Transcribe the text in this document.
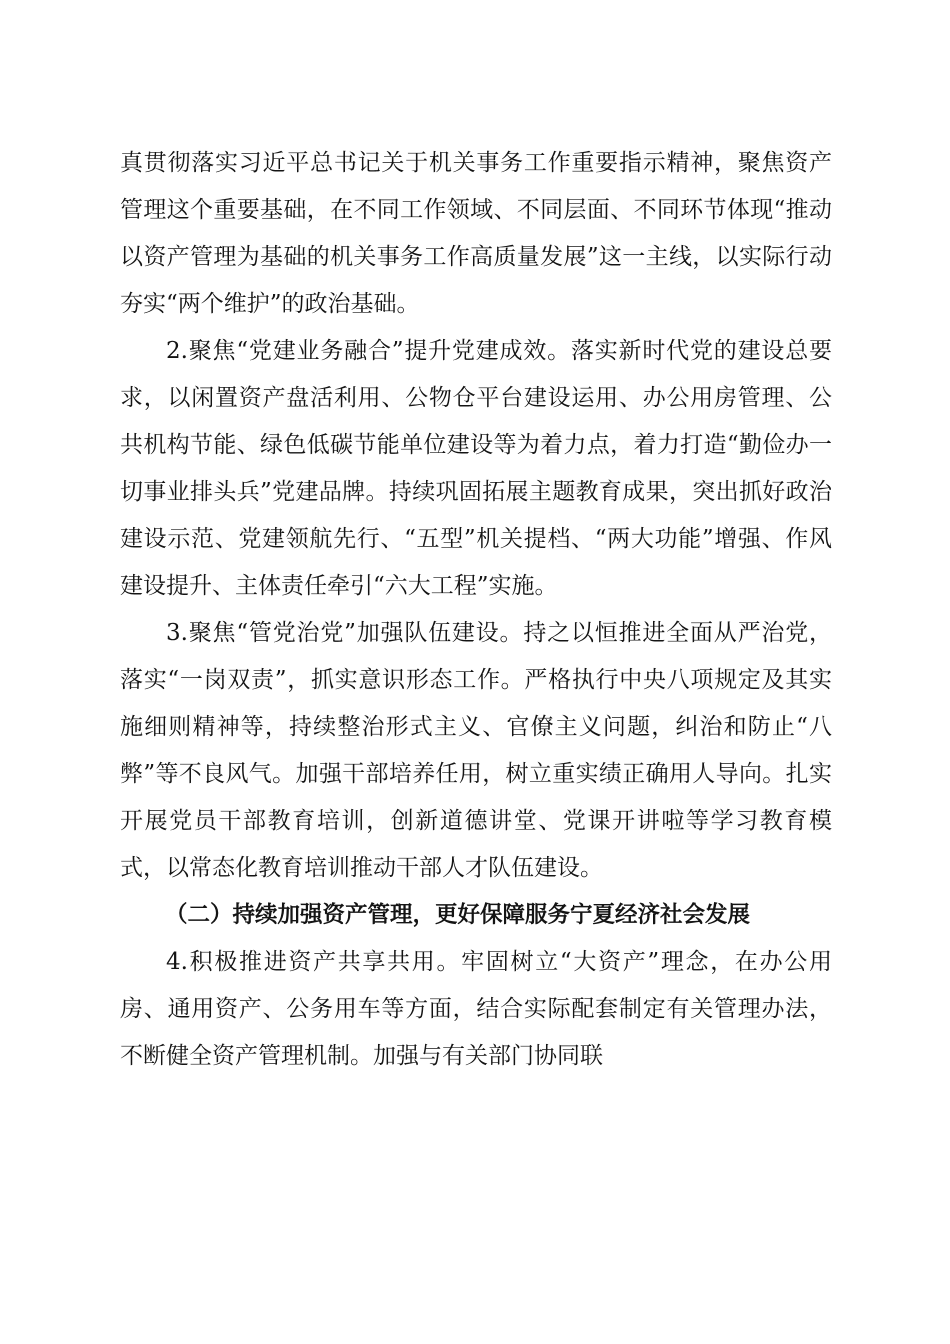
真贯彻落实习近平总书记关于机关事务工作重要指示精神，聚焦资产管理这个重要基础，在不同工作领域、不同层面、不同环节体现“推动以资产管理为基础的机关事务工作高质量发展”这一主线，以实际行动夯实“两个维护”的政治基础。

2.聚焦“党建业务融合”提升党建成效。落实新时代党的建设总要求，以闲置资产盘活利用、公物仓平台建设运用、办公用房管理、公共机构节能、绿色低碳节能单位建设等为着力点，着力打造“勤俭办一切事业排头兵”党建品牌。持续巩固拓展主题教育成果，突出抓好政治建设示范、党建领航先行、“五型”机关提档、“两大功能”增强、作风建设提升、主体责任牵引“六大工程”实施。

3.聚焦“管党治党”加强队伍建设。持之以恒推进全面从严治党，落实“一岗双责”，抓实意识形态工作。严格执行中央八项规定及其实施细则精神等，持续整治形式主义、官僚主义问题，纠治和防止“八弊”等不良风气。加强干部培养任用，树立重实绩正确用人导向。扎实开展党员干部教育培训，创新道德讲堂、党课开讲啦等学习教育模式，以常态化教育培训推动干部人才队伍建设。

（二）持续加强资产管理，更好保障服务宁夏经济社会发展

4.积极推进资产共享共用。牢固树立“大资产”理念，在办公用房、通用资产、公务用车等方面，结合实际配套制定有关管理办法，不断健全资产管理机制。加强与有关部门协同联
